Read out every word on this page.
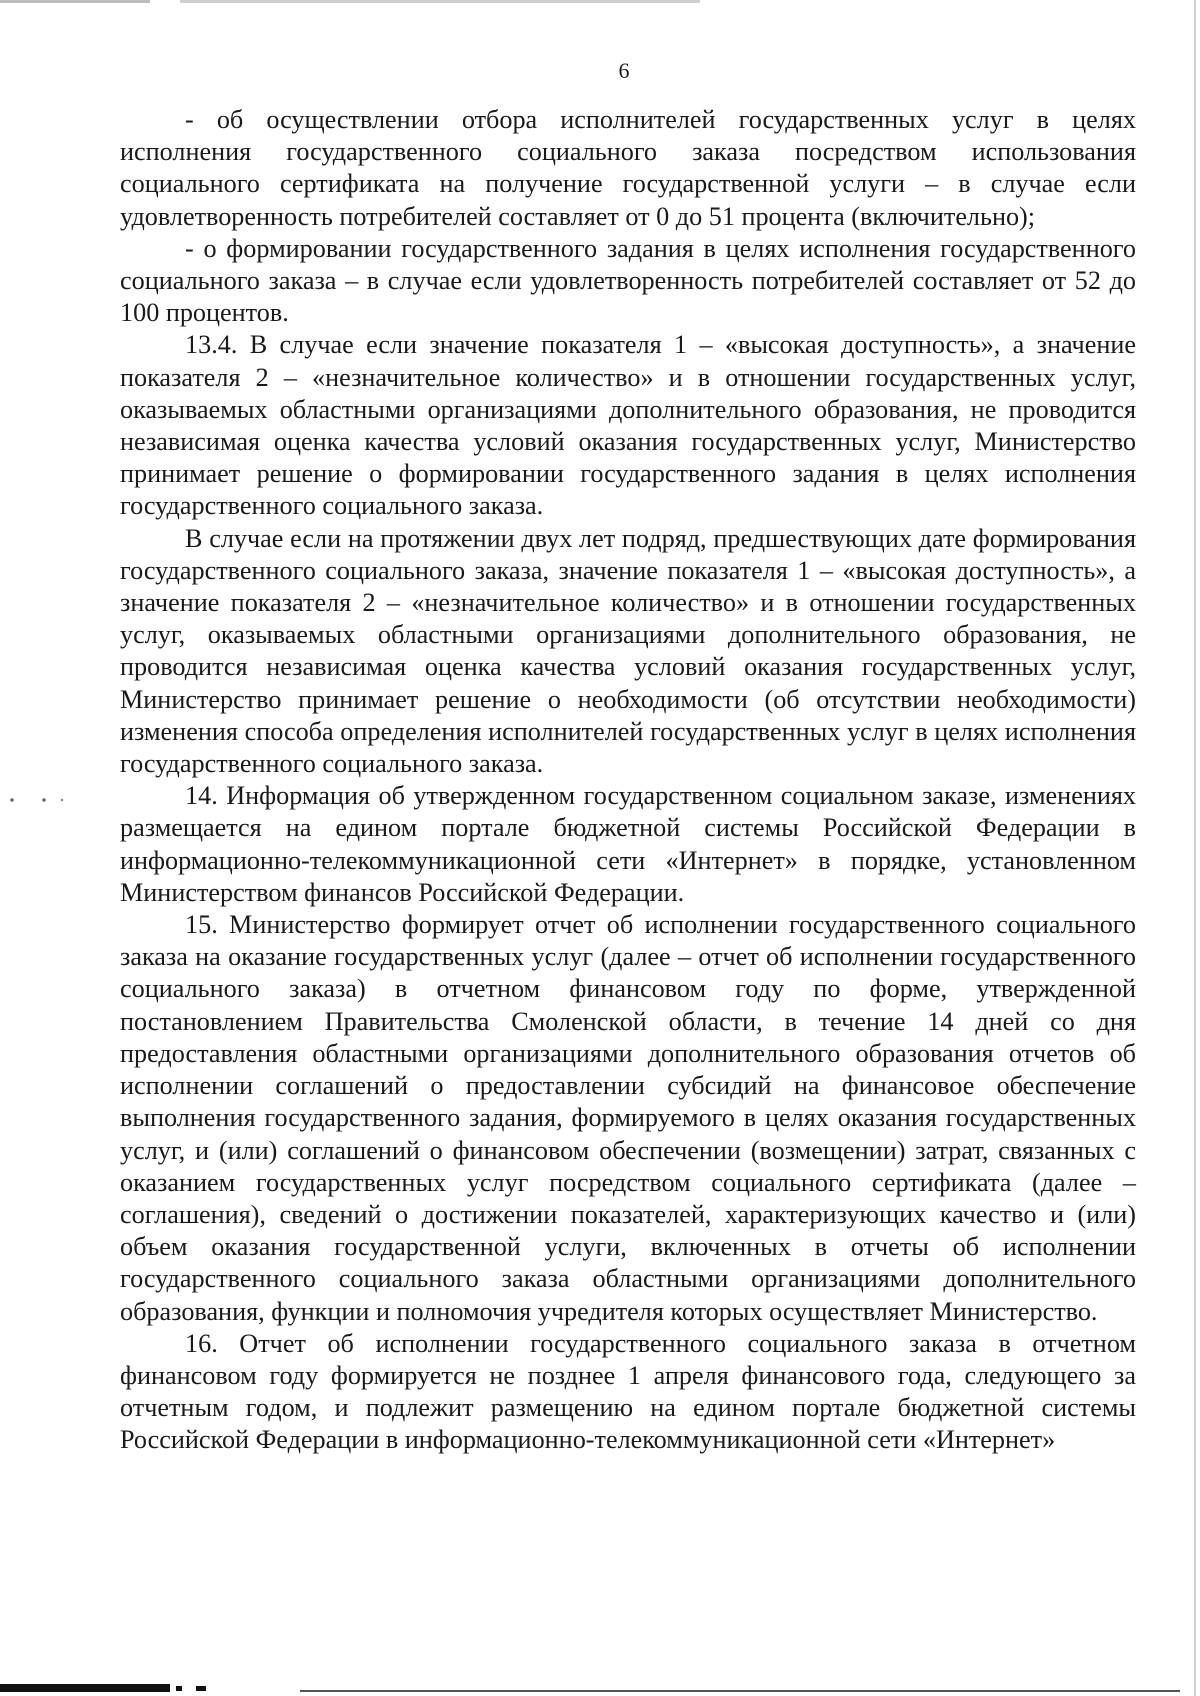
6

- об осуществлении отбора исполнителей государственных услуг в целях исполнения государственного социального заказа посредством использования социального сертификата на получение государственной услуги – в случае если удовлетворенность потребителей составляет от 0 до 51 процента (включительно);

- о формировании государственного задания в целях исполнения государственного социального заказа – в случае если удовлетворенность потребителей составляет от 52 до 100 процентов.

13.4. В случае если значение показателя 1 – «высокая доступность», а значение показателя 2 – «незначительное количество» и в отношении государственных услуг, оказываемых областными организациями дополнительного образования, не проводится независимая оценка качества условий оказания государственных услуг, Министерство принимает решение о формировании государственного задания в целях исполнения государственного социального заказа.

В случае если на протяжении двух лет подряд, предшествующих дате формирования государственного социального заказа, значение показателя 1 – «высокая доступность», а значение показателя 2 – «незначительное количество» и в отношении государственных услуг, оказываемых областными организациями дополнительного образования, не проводится независимая оценка качества условий оказания государственных услуг, Министерство принимает решение о необходимости (об отсутствии необходимости) изменения способа определения исполнителей государственных услуг в целях исполнения государственного социального заказа.

14. Информация об утвержденном государственном социальном заказе, изменениях размещается на едином портале бюджетной системы Российской Федерации в информационно-телекоммуникационной сети «Интернет» в порядке, установленном Министерством финансов Российской Федерации.

15. Министерство формирует отчет об исполнении государственного социального заказа на оказание государственных услуг (далее – отчет об исполнении государственного социального заказа) в отчетном финансовом году по форме, утвержденной постановлением Правительства Смоленской области, в течение 14 дней со дня предоставления областными организациями дополнительного образования отчетов об исполнении соглашений о предоставлении субсидий на финансовое обеспечение выполнения государственного задания, формируемого в целях оказания государственных услуг, и (или) соглашений о финансовом обеспечении (возмещении) затрат, связанных с оказанием государственных услуг посредством социального сертификата (далее – соглашения), сведений о достижении показателей, характеризующих качество и (или) объем оказания государственной услуги, включенных в отчеты об исполнении государственного социального заказа областными организациями дополнительного образования, функции и полномочия учредителя которых осуществляет Министерство.

16. Отчет об исполнении государственного социального заказа в отчетном финансовом году формируется не позднее 1 апреля финансового года, следующего за отчетным годом, и подлежит размещению на едином портале бюджетной системы Российской Федерации в информационно-телекоммуникационной сети «Интернет»
